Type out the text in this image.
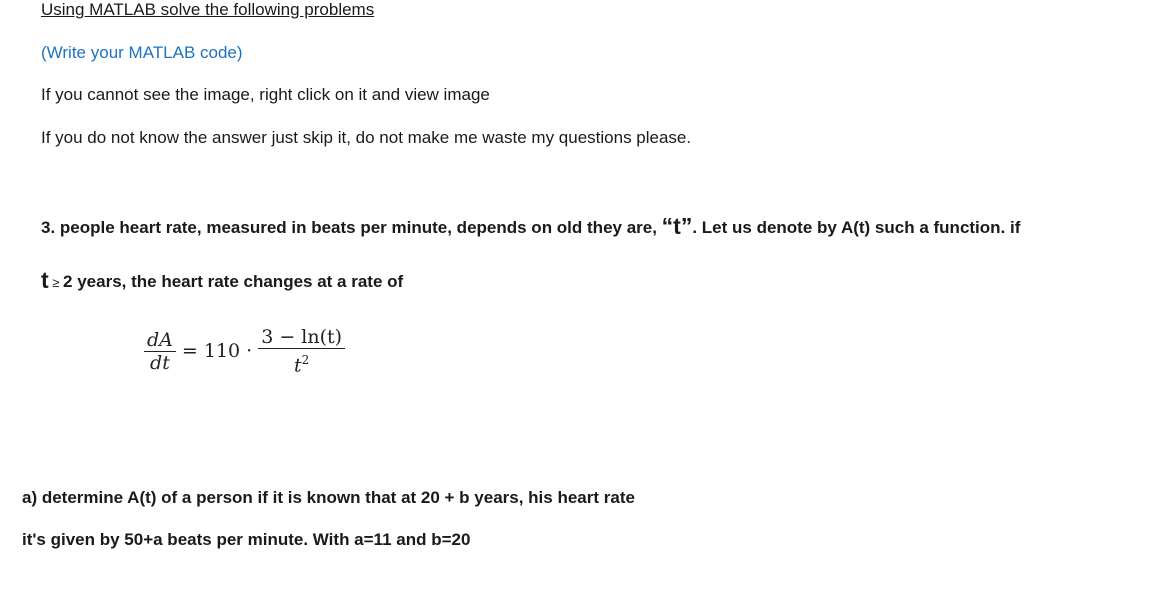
Using MATLAB solve the following problems
(Write your MATLAB code)
If you cannot see the image, right click on it and view image
If you do not know the answer just skip it, do not make me waste my questions please.
3. people heart rate, measured in beats per minute, depends on old they are, “t”. Let us denote by A(t) such a function. if
t ≥ 2 years, the heart rate changes at a rate of
$\frac{dA}{dt} = 110 \cdot \frac{3 - \ln(t)}{t^2}$
a) determine A(t) of a person if it is known that at 20 + b years, his heart rate
it's given by 50+a beats per minute. With a=11 and b=20
